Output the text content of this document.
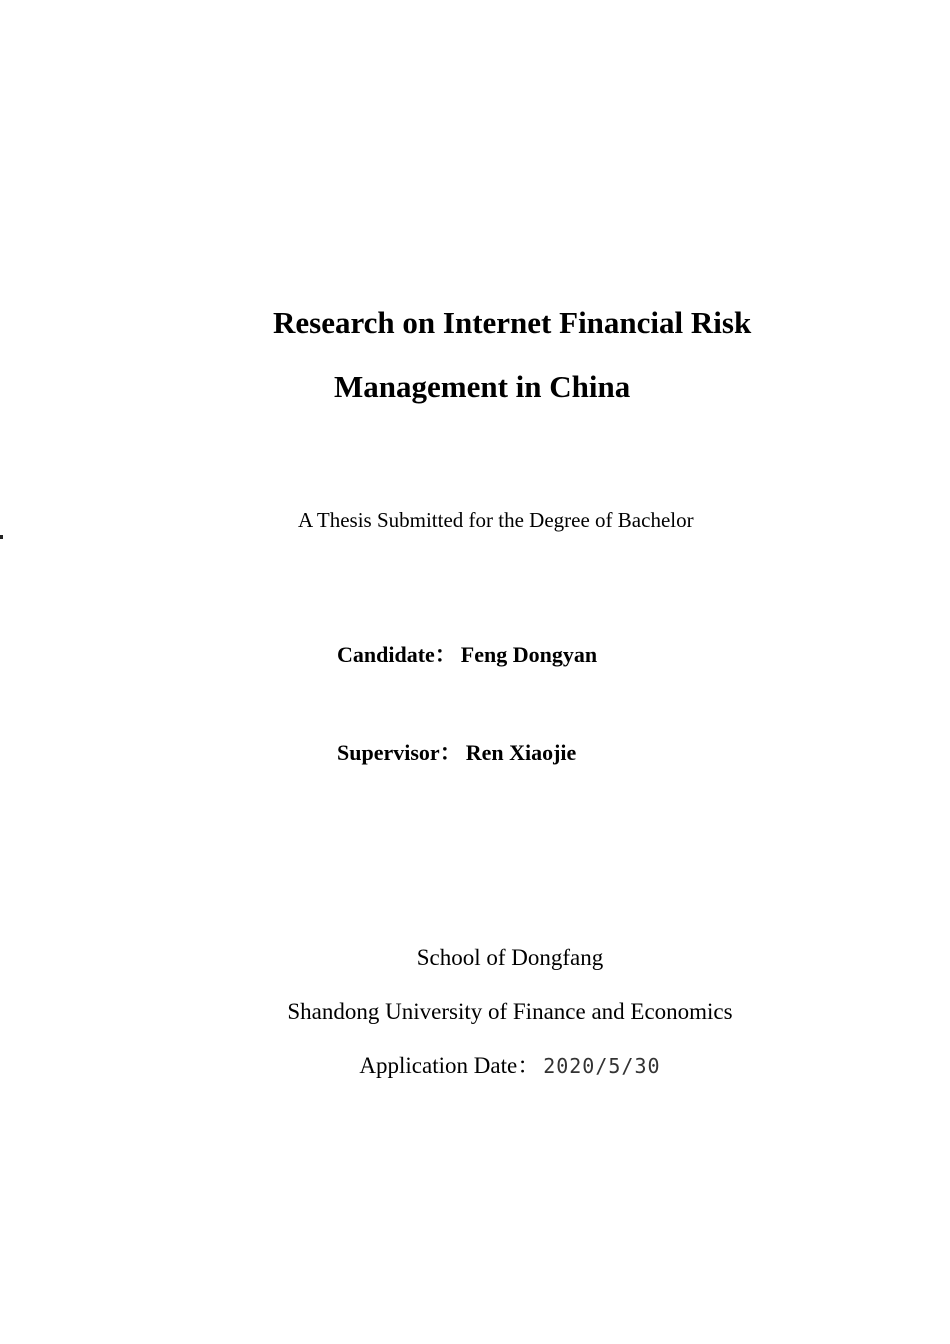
Research on Internet Financial Risk
Management in China
A Thesis Submitted for the Degree of Bachelor
Candidate： Feng Dongyan
Supervisor： Ren Xiaojie
School of Dongfang
Shandong University of Finance and Economics
Application Date： 2020/5/30
